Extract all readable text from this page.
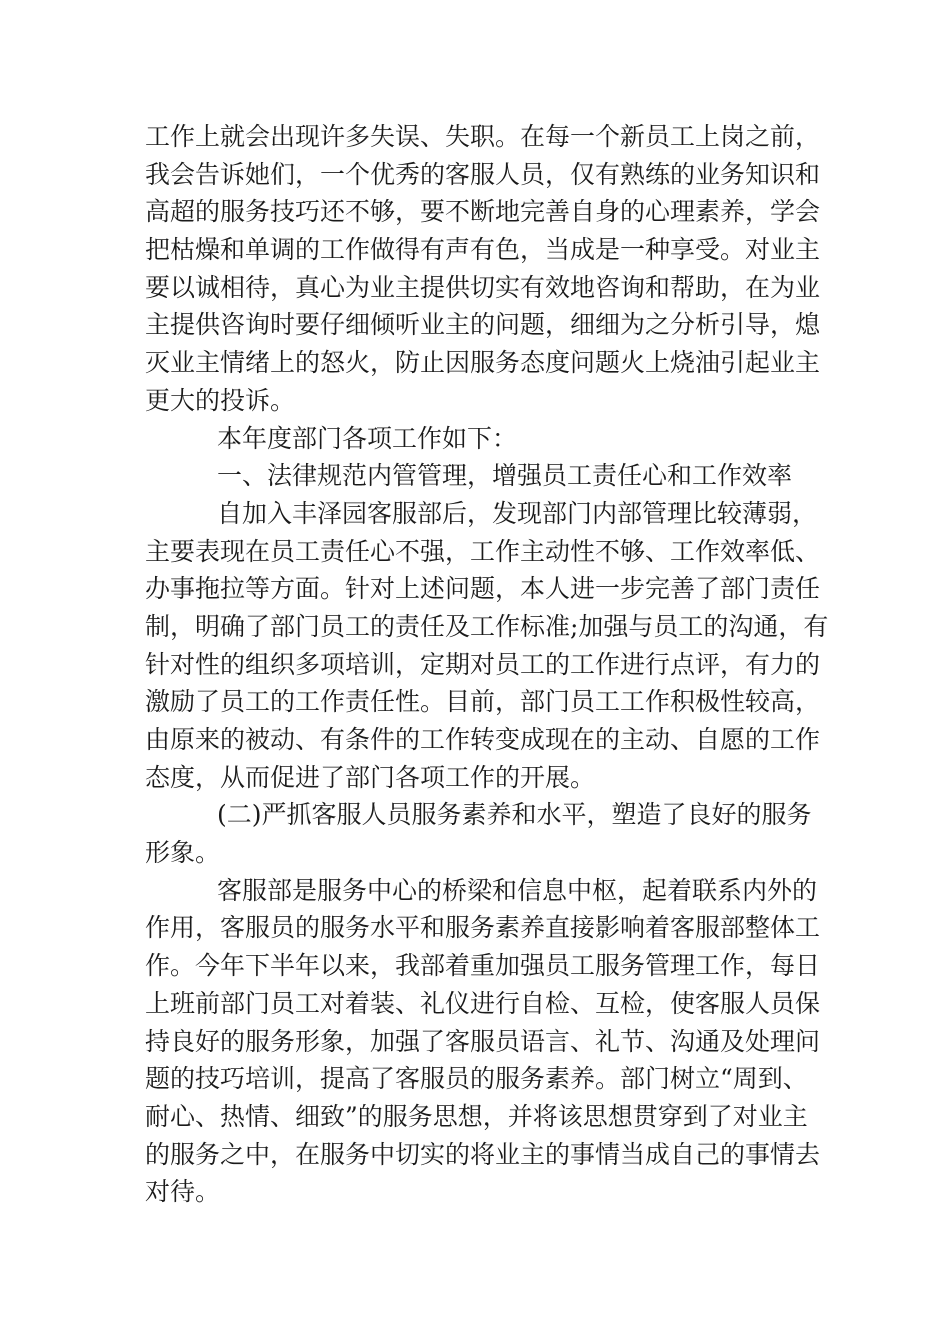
工作上就会出现许多失误、失职。在每一个新员工上岗之前，
我会告诉她们，一个优秀的客服人员，仅有熟练的业务知识和
高超的服务技巧还不够，要不断地完善自身的心理素养，学会
把枯燥和单调的工作做得有声有色，当成是一种享受。对业主
要以诚相待，真心为业主提供切实有效地咨询和帮助，在为业
主提供咨询时要仔细倾听业主的问题，细细为之分析引导，熄
灭业主情绪上的怒火，防止因服务态度问题火上烧油引起业主
更大的投诉。
本年度部门各项工作如下：
一、法律规范内管管理，增强员工责任心和工作效率
自加入丰泽园客服部后，发现部门内部管理比较薄弱，
主要表现在员工责任心不强，工作主动性不够、工作效率低、
办事拖拉等方面。针对上述问题，本人进一步完善了部门责任
制，明确了部门员工的责任及工作标准;加强与员工的沟通，有
针对性的组织多项培训，定期对员工的工作进行点评，有力的
激励了员工的工作责任性。目前，部门员工工作积极性较高，
由原来的被动、有条件的工作转变成现在的主动、自愿的工作
态度，从而促进了部门各项工作的开展。
(二)严抓客服人员服务素养和水平，塑造了良好的服务
形象。
客服部是服务中心的桥梁和信息中枢，起着联系内外的
作用，客服员的服务水平和服务素养直接影响着客服部整体工
作。今年下半年以来，我部着重加强员工服务管理工作，每日
上班前部门员工对着装、礼仪进行自检、互检，使客服人员保
持良好的服务形象，加强了客服员语言、礼节、沟通及处理问
题的技巧培训，提高了客服员的服务素养。部门树立“周到、
耐心、热情、细致”的服务思想，并将该思想贯穿到了对业主
的服务之中，在服务中切实的将业主的事情当成自己的事情去
对待。
